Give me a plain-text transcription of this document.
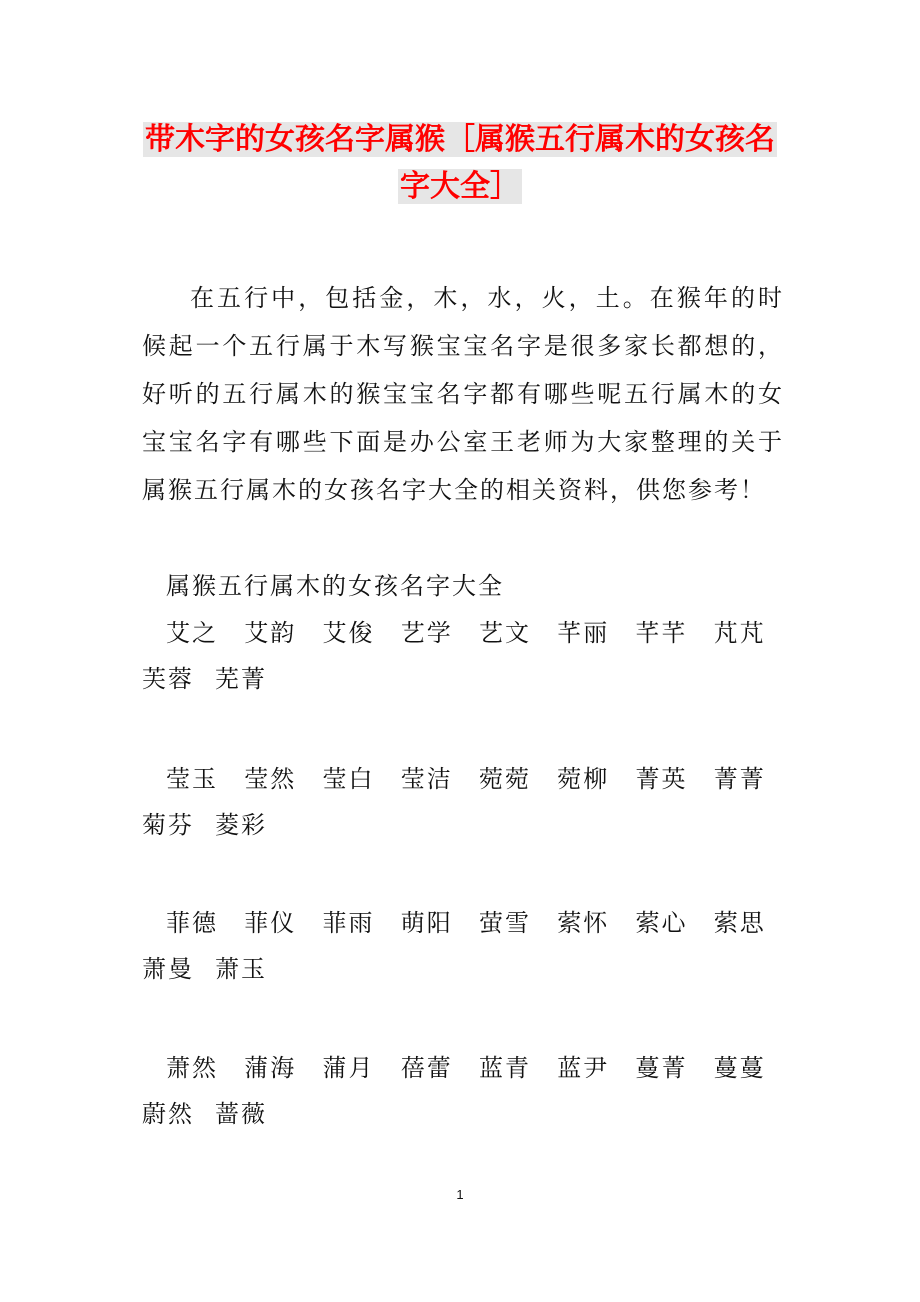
带木字的女孩名字属猴［属猴五行属木的女孩名字大全］

在五行中，包括金，木，水，火，土。在猴年的时候起一个五行属于木写猴宝宝名字是很多家长都想的，好听的五行属木的猴宝宝名字都有哪些呢五行属木的女宝宝名字有哪些下面是办公室王老师为大家整理的关于属猴五行属木的女孩名字大全的相关资料，供您参考！

属猴五行属木的女孩名字大全

艾之	艾韵	艾俊	艺学	艺文	芊丽	芊芊	芃芃
芙蓉 芜菁
莹玉	莹然	莹白	莹洁	菀菀	菀柳	菁英	菁菁
菊芬 菱彩
菲德	菲仪	菲雨	萌阳	萤雪	萦怀	萦心	萦思
萧曼 萧玉
萧然	蒲海	蒲月	蓓蕾	蓝青	蓝尹	蔓菁	蔓蔓
蔚然 蔷薇
1
